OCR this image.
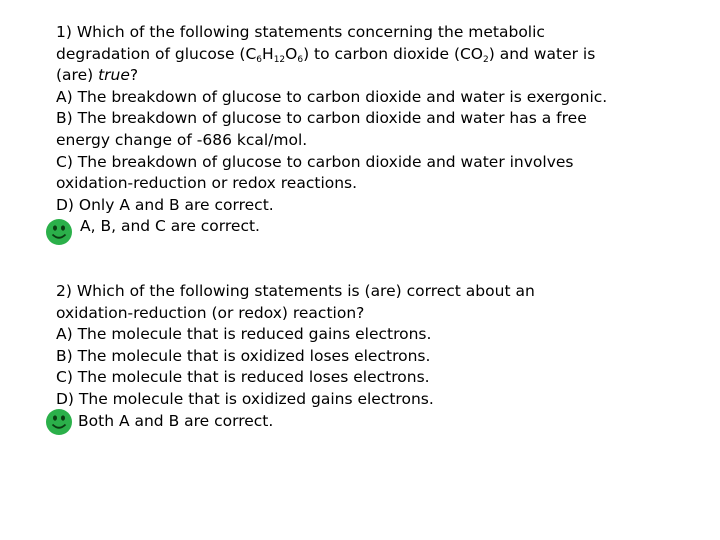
1) Which of the following statements concerning the metabolic
degradation of glucose $(C_6H_{12}O_6)$ to carbon dioxide $(CO_2)$ and water is
(are) true?
A) The breakdown of glucose to carbon dioxide and water is exergonic.
B) The breakdown of glucose to carbon dioxide and water has a free
energy change of -686 kcal/mol.
C) The breakdown of glucose to carbon dioxide and water involves
oxidation-reduction or redox reactions.
D) Only A and B are correct.
A, B, and C are correct.
2) Which of the following statements is (are) correct about an
oxidation-reduction (or redox) reaction?
A) The molecule that is reduced gains electrons.
B) The molecule that is oxidized loses electrons.
C) The molecule that is reduced loses electrons.
D) The molecule that is oxidized gains electrons.
Both A and B are correct.
